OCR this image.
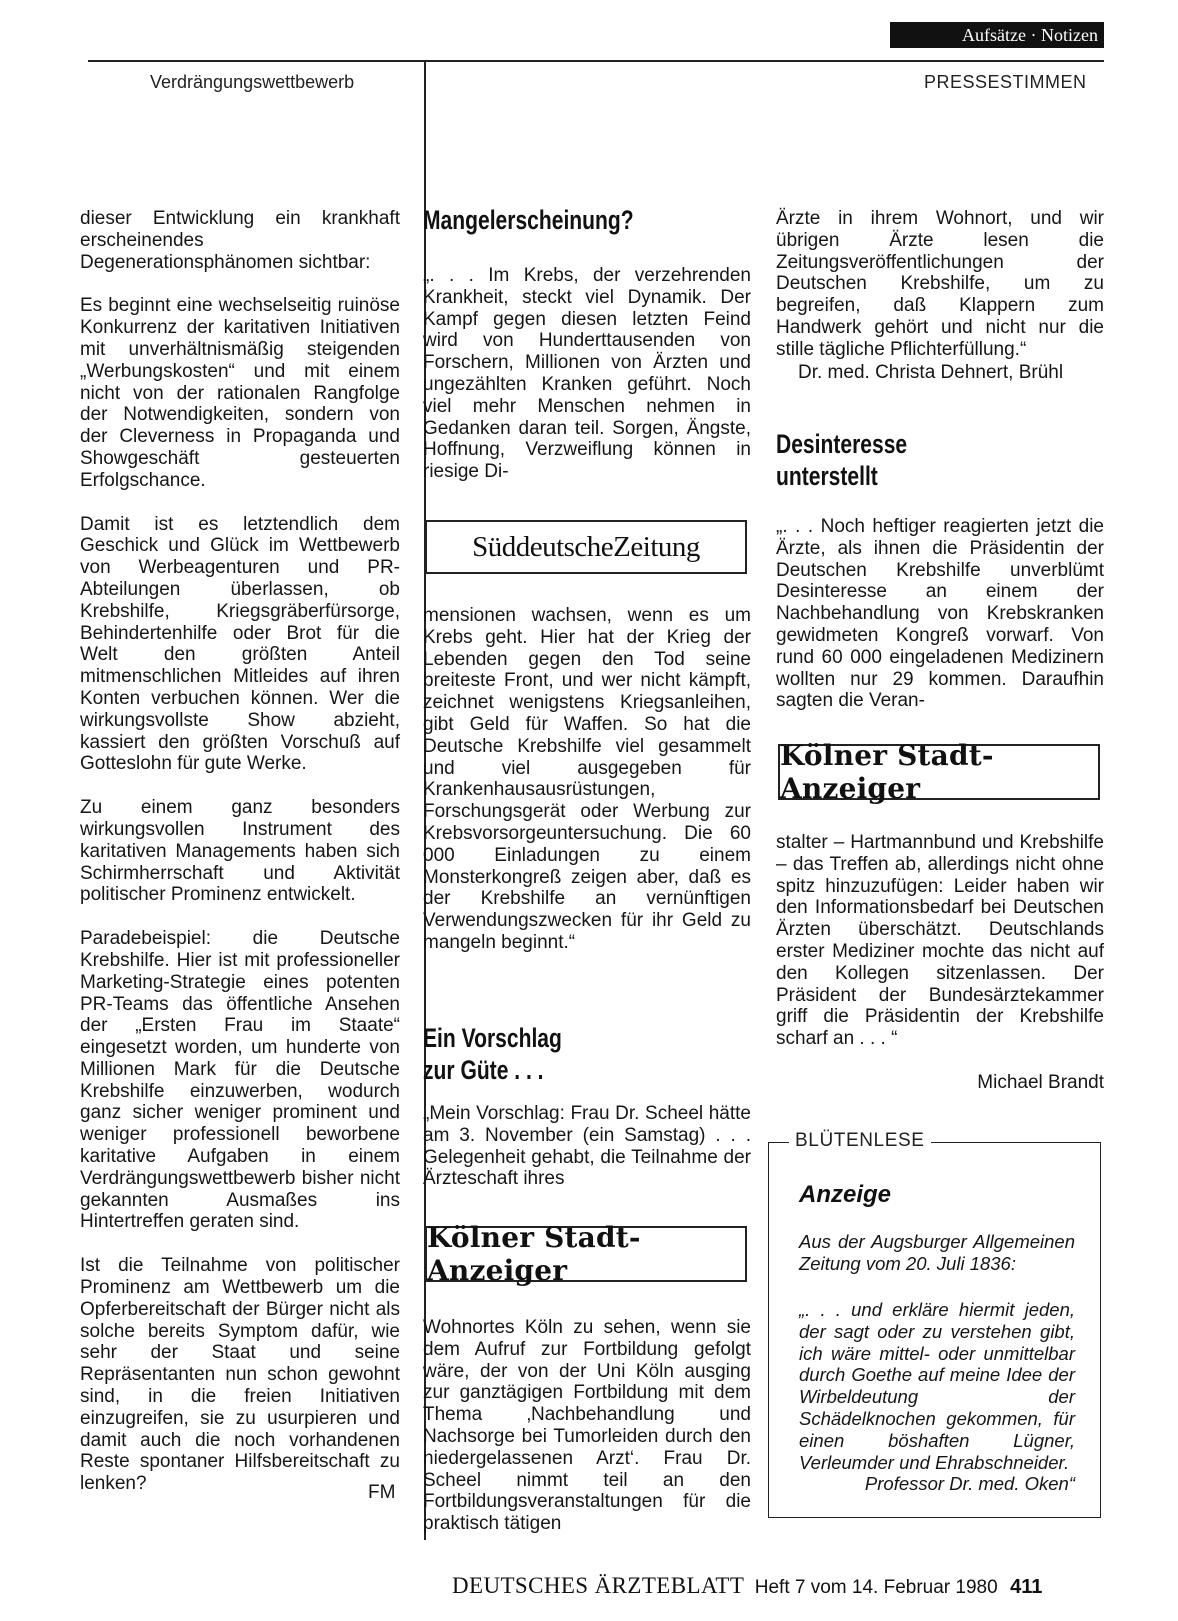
Aufsätze · Notizen
Verdrängungswettbewerb	PRESSESTIMMEN

dieser Entwicklung ein krankhaft erscheinendes Degenerationsphänomen sichtbar:

Es beginnt eine wechselseitig ruinöse Konkurrenz der karitativen Initiativen mit unverhältnismäßig steigenden „Werbungskosten“ und mit einem nicht von der rationalen Rangfolge der Notwendigkeiten, sondern von der Cleverness in Propaganda und Showgeschäft gesteuerten Erfolgschance.

Damit ist es letztendlich dem Geschick und Glück im Wettbewerb von Werbeagenturen und PR-Abteilungen überlassen, ob Krebshilfe, Kriegsgräberfürsorge, Behindertenhilfe oder Brot für die Welt den größten Anteil mitmenschlichen Mitleides auf ihren Konten verbuchen können. Wer die wirkungsvollste Show abzieht, kassiert den größten Vorschuß auf Gotteslohn für gute Werke.

Zu einem ganz besonders wirkungsvollen Instrument des karitativen Managements haben sich Schirmherrschaft und Aktivität politischer Prominenz entwickelt.

Paradebeispiel: die Deutsche Krebshilfe. Hier ist mit professioneller Marketing-Strategie eines potenten PR-Teams das öffentliche Ansehen der „Ersten Frau im Staate“ eingesetzt worden, um hunderte von Millionen Mark für die Deutsche Krebshilfe einzuwerben, wodurch ganz sicher weniger prominent und weniger professionell beworbene karitative Aufgaben in einem Verdrängungswettbewerb bisher nicht gekannten Ausmaßes ins Hintertreffen geraten sind.

Ist die Teilnahme von politischer Prominenz am Wettbewerb um die Opferbereitschaft der Bürger nicht als solche bereits Symptom dafür, wie sehr der Staat und seine Repräsentanten nun schon gewohnt sind, in die freien Initiativen einzugreifen, sie zu usurpieren und damit auch die noch vorhandenen Reste spontaner Hilfsbereitschaft zu lenken?	FM
Mangelerscheinung?

„. . . Im Krebs, der verzehrenden Krankheit, steckt viel Dynamik. Der Kampf gegen diesen letzten Feind wird von Hunderttausenden von Forschern, Millionen von Ärzten und ungezählten Kranken geführt. Noch viel mehr Menschen nehmen in Gedanken daran teil. Sorgen, Ängste, Hoffnung, Verzweiflung können in riesige Di-

SüddeutscheZeitung

mensionen wachsen, wenn es um Krebs geht. Hier hat der Krieg der Lebenden gegen den Tod seine breiteste Front, und wer nicht kämpft, zeichnet wenigstens Kriegsanleihen, gibt Geld für Waffen. So hat die Deutsche Krebshilfe viel gesammelt und viel ausgegeben für Krankenhausausrüstungen, Forschungsgerät oder Werbung zur Krebsvorsorgeuntersuchung. Die 60 000 Einladungen zu einem Monsterkongreß zeigen aber, daß es der Krebshilfe an vernünftigen Verwendungszwecken für ihr Geld zu mangeln beginnt.“

Ein Vorschlag
zur Güte . . .

„Mein Vorschlag: Frau Dr. Scheel hätte am 3. November (ein Samstag) . . . Gelegenheit gehabt, die Teilnahme der Ärzteschaft ihres

Kölner Stadt-Anzeiger

Wohnortes Köln zu sehen, wenn sie dem Aufruf zur Fortbildung gefolgt wäre, der von der Uni Köln ausging zur ganztägigen Fortbildung mit dem Thema ‚Nachbehandlung und Nachsorge bei Tumorleiden durch den niedergelassenen Arzt‘. Frau Dr. Scheel nimmt teil an den Fortbildungsveranstaltungen für die praktisch tätigen

Ärzte in ihrem Wohnort, und wir übrigen Ärzte lesen die Zeitungsveröffentlichungen der Deutschen Krebshilfe, um zu begreifen, daß Klappern zum Handwerk gehört und nicht nur die stille tägliche Pflichterfüllung.“

Dr. med. Christa Dehnert, Brühl
Desinteresse
unterstellt

„. . . Noch heftiger reagierten jetzt die Ärzte, als ihnen die Präsidentin der Deutschen Krebshilfe unverblümt Desinteresse an einem der Nachbehandlung von Krebskranken gewidmeten Kongreß vorwarf. Von rund 60 000 eingeladenen Medizinern wollten nur 29 kommen. Daraufhin sagten die Veran-

Kölner Stadt-Anzeiger

stalter – Hartmannbund und Krebshilfe – das Treffen ab, allerdings nicht ohne spitz hinzuzufügen: Leider haben wir den Informationsbedarf bei Deutschen Ärzten überschätzt. Deutschlands erster Mediziner mochte das nicht auf den Kollegen sitzenlassen. Der Präsident der Bundesärztekammer griff die Präsidentin der Krebshilfe scharf an . . . “

Michael Brandt
BLÜTENLESE
Anzeige

Aus der Augsburger Allgemeinen Zeitung vom 20. Juli 1836:

„. . . und erkläre hiermit jeden, der sagt oder zu verstehen gibt, ich wäre mittel- oder unmittelbar durch Goethe auf meine Idee der Wirbeldeutung der Schädelknochen gekommen, für einen böshaften Lügner, Verleumder und Ehrabschneider.

Professor Dr. med. Oken“
DEUTSCHES ÄRZTEBLATT Heft 7 vom 14. Februar 1980 411
